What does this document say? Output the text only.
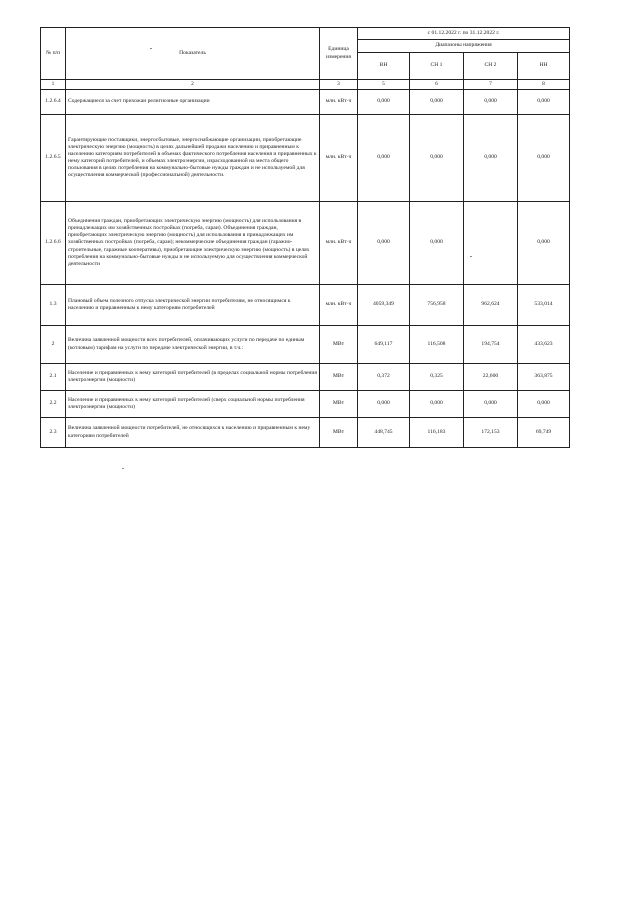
№ п/п	Показатель	Единица измерения	с 01.12.2022 г. по 31.12.2022 г.			
			Диапазоны напряжения			
			ВН	СН 1	СН 2	НН
1	2	3	5	6	7	8
1.2.6.4	Содержащиеся за счет прихожан религиозные организации	млн. кВт·ч	0,000	0,000	0,000	0,000
1.2.6.5	Гарантирующие поставщики, энергосбытовые, энергоснабжающие организации, приобретающие электрическую энергию (мощность) в целях дальнейшей продажи населению и приравненным к населению категориям потребителей в объемах фактического потребления населения и приравненных к нему категорий потребителей, и объемах электроэнергии, израсходованной на места общего пользования в целях потребления на коммунально-бытовые нужды граждан и не используемой для осуществления коммерческой (профессиональной) деятельности.	млн. кВт·ч	0,000	0,000	0,000	0,000
1.2.6.6	Объединения граждан, приобретающих электрическую энергию (мощность) для использования в принадлежащих им хозяйственных постройках (погреба, сараи). Объединения граждан, приобретающих электрическую энергию (мощность) для использования в принадлежащих им хозяйственных постройках (погреба, сараи); некоммерческие объединения граждан (гаражно-строительные, гаражные кооперативы), приобретающие электрическую энергию (мощность) в целях потребления на коммунально-бытовые нужды и не используемую для осуществления коммерческой деятельности	млн. кВт·ч	0,000	0,000		0,000
1.3	Плановый объем полезного отпуска электрической энергии потребителям, не относящимся к населению и приравненным к нему категориям потребителей	млн. кВт·ч	4059,349	756,958	962,624	533,014
2	Величина заявленной мощности всех потребителей, оплачивающих услуги по передаче по единым (котловым) тарифам на услуги по передаче электрической энергии, в т.ч.:	МВт	649,117	116,508	194,754	433,623
2.1	Население и приравненных к нему категорий потребителей (в пределах социальной нормы потребления электроэнергии (мощности)	МВт	0,372	0,325	22,600	363,875
2.2	Население и приравненных к нему категорий потребителей (сверх социальной нормы потребления электроэнергии (мощности)	МВт	0,000	0,000	0,000	0,000
2.3	Величина заявленной мощности потребителей, не относящихся к населению и приравненным к нему категориям потребителей	МВт	448,745	116,183	172,153	69,749
